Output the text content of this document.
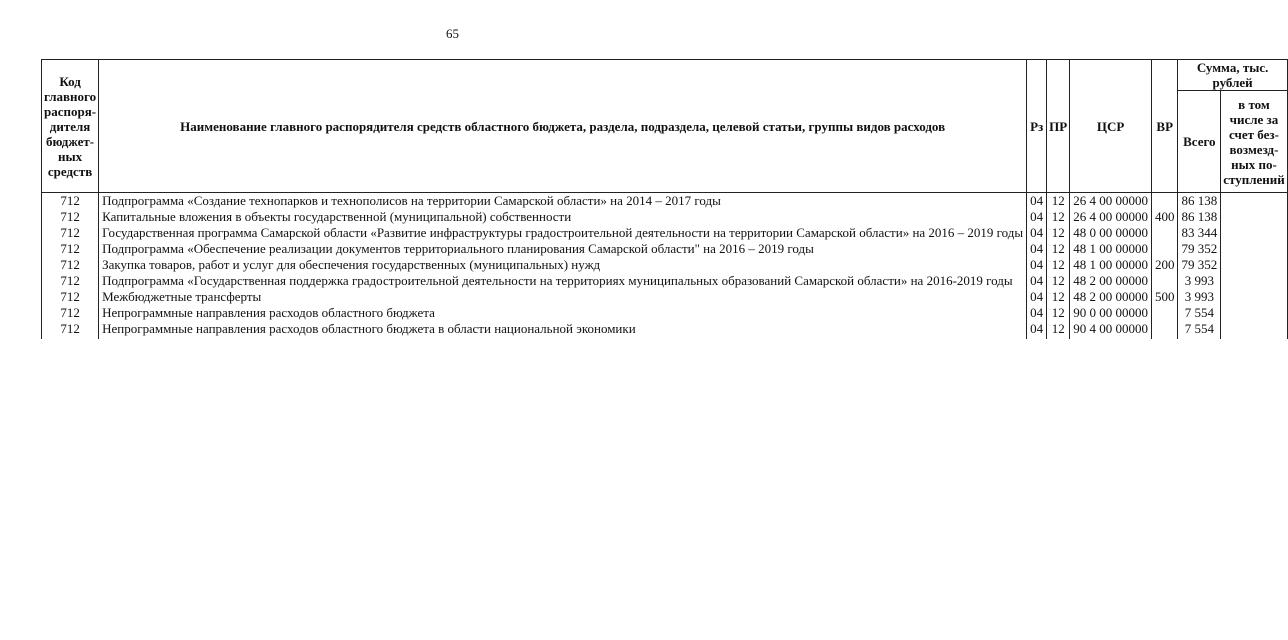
65
Код главного распоря-дителя бюджет-ных средств	Наименование главного распорядителя средств областного бюджета, раздела, подраздела, целевой статьи, группы видов расходов	Рз	ПР	ЦСР	ВР	Сумма, тыс. рублей	
						Всего	в том числе за счет без-возмезд-ных по-ступлений
712	Подпрограмма «Создание технопарков и технополисов на территории Самарской области» на 2014 – 2017 годы	04	12	26 4 00 00000		86 138	
712	Капитальные вложения в объекты государственной (муниципальной) собственности	04	12	26 4 00 00000	400	86 138	
712	Государственная программа Самарской области «Развитие инфраструктуры градостроительной деятельности на территории Самарской области» на 2016 – 2019 годы	04	12	48 0 00 00000		83 344	
712	Подпрограмма «Обеспечение реализации документов территориального планирования Самарской области" на 2016 – 2019 годы	04	12	48 1 00 00000		79 352	
712	Закупка товаров, работ и услуг для обеспечения государственных (муниципальных) нужд	04	12	48 1 00 00000	200	79 352	
712	Подпрограмма «Государственная поддержка градостроительной деятельности на территориях муниципальных образований Самарской области» на 2016-2019 годы	04	12	48 2 00 00000		3 993	
712	Межбюджетные трансферты	04	12	48 2 00 00000	500	3 993	
712	Непрограммные направления расходов областного бюджета	04	12	90 0 00 00000		7 554	
712	Непрограммные направления расходов областного бюджета в области национальной экономики	04	12	90 4 00 00000		7 554	
